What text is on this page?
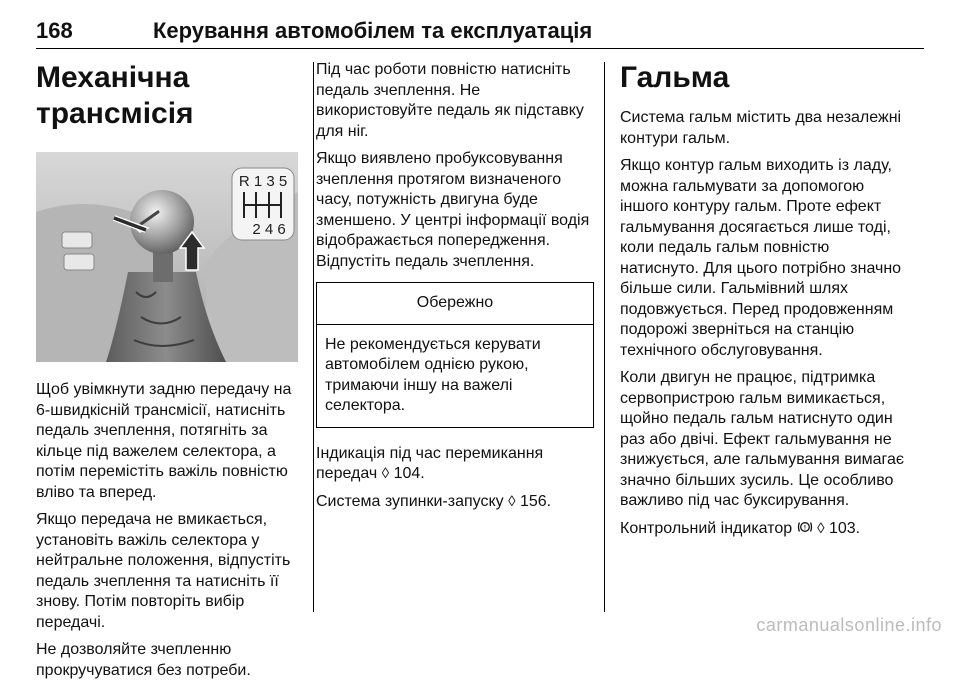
168	Керування автомобілем та експлуатація
Механічна трансмісія
R 1 3 5
2 4 6

Щоб увімкнути задню передачу на 6-швидкісній трансмісії, натисніть педаль зчеплення, потягніть за кільце під важелем селектора, а потім перемістіть важіль повністю вліво та вперед.

Якщо передача не вмикається, установіть важіль селектора у нейтральне положення, відпустіть педаль зчеплення та натисніть її знову. Потім повторіть вибір передачі.

Не дозволяйте зчепленню прокручуватися без потреби.

Під час роботи повністю натисніть педаль зчеплення. Не використовуйте педаль як підставку для ніг.

Якщо виявлено пробуксовування зчеплення протягом визначеного часу, потужність двигуна буде зменшено. У центрі інформації водія відображається попередження. Відпустіть педаль зчеплення.

Обережно
Не рекомендується керувати автомобілем однією рукою, тримаючи іншу на важелі селектора.

Індикація під час перемикання передач ◊ 104.

Система зупинки-запуску ◊ 156.

Гальма

Система гальм містить два незалежні контури гальм.

Якщо контур гальм виходить із ладу, можна гальмувати за допомогою іншого контуру гальм. Проте ефект гальмування досягається лише тоді, коли педаль гальм повністю натиснуто. Для цього потрібно значно більше сили. Гальмівний шлях подовжується. Перед продовженням подорожі зверніться на станцію технічного обслуговування.

Коли двигун не працює, підтримка сервопристрою гальм вимикається, щойно педаль гальм натиснуто один раз або двічі. Ефект гальмування не знижується, але гальмування вимагає значно більших зусиль. Це особливо важливо під час буксирування.

Контрольний індикатор ! ◊ 103.

carmanualsonline.info
